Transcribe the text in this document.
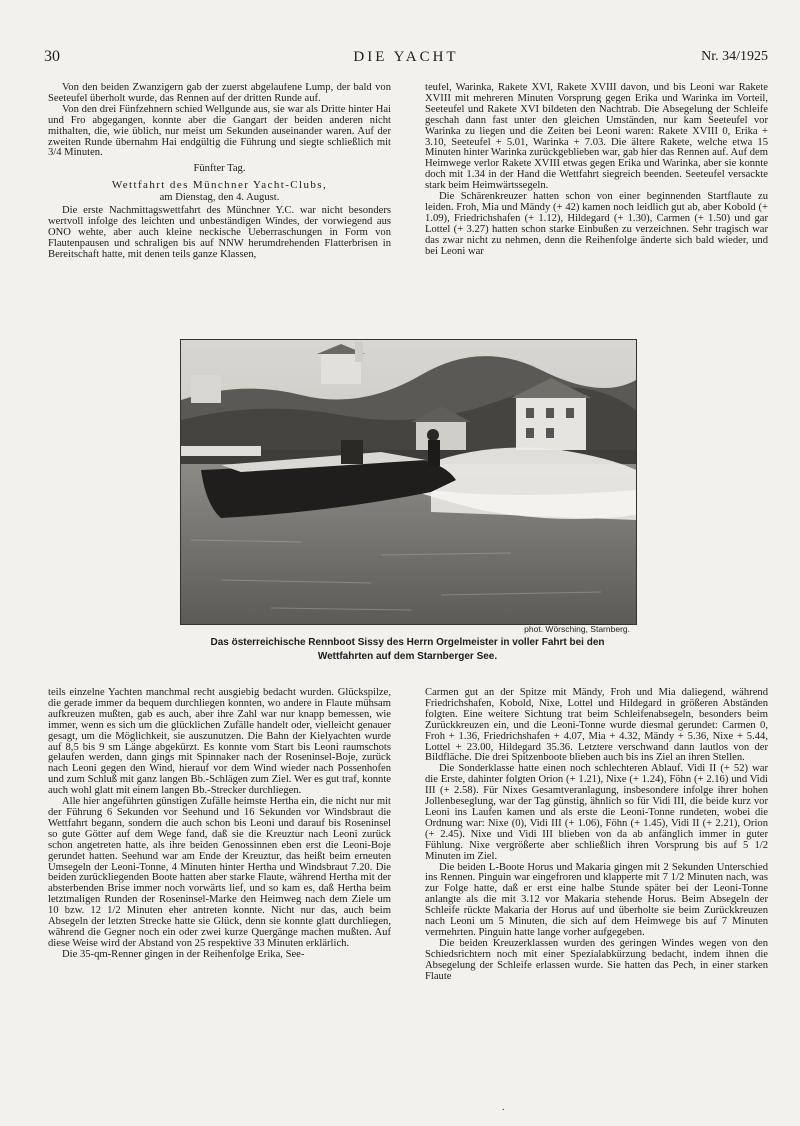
30	DIE YACHT	Nr. 34/1925

Von den beiden Zwanzigern gab der zuerst abgelaufene Lump, der bald von Seeteufel überholt wurde, das Rennen auf der dritten Runde auf.

Von den drei Fünfzehnern schied Wellgunde aus, sie war als Dritte hinter Hai und Fro abgegangen, konnte aber die Gangart der beiden anderen nicht mithalten, die, wie üblich, nur meist um Sekunden auseinander waren. Auf der zweiten Runde übernahm Hai endgültig die Führung und siegte schließlich mit 3/4 Minuten.

Fünfter Tag.

Wettfahrt des Münchner Yacht-Clubs,

am Dienstag, den 4. August.

Die erste Nachmittagswettfahrt des Münchner Y.C. war nicht besonders wertvoll infolge des leichten und unbeständigen Windes, der vorwiegend aus ONO wehte, aber auch kleine neckische Ueberraschungen in Form von Flautenpausen und schraligen bis auf NNW herumdrehenden Flatterbrisen in Bereitschaft hatte, mit denen teils ganze Klassen,

teufel, Warinka, Rakete XVI, Rakete XVIII davon, und bis Leoni war Rakete XVIII mit mehreren Minuten Vorsprung gegen Erika und Warinka im Vorteil, Seeteufel und Rakete XVI bildeten den Nachtrab. Die Absegelung der Schleife geschah dann fast unter den gleichen Umständen, nur kam Seeteufel vor Warinka zu liegen und die Zeiten bei Leoni waren: Rakete XVIII 0, Erika + 3.10, Seeteufel + 5.01, Warinka + 7.03. Die ältere Rakete, welche etwa 15 Minuten hinter Warinka zurückgeblieben war, gab hier das Rennen auf. Auf dem Heimwege verlor Rakete XVIII etwas gegen Erika und Warinka, aber sie konnte doch mit 1.34 in der Hand die Wettfahrt siegreich beenden. Seeteufel versackte stark beim Heimwärtssegeln.

Die Schärenkreuzer hatten schon von einer beginnenden Startflaute zu leiden. Froh, Mia und Mändy (+ 42) kamen noch leidlich gut ab, aber Kobold (+ 1.09), Friedrichshafen (+ 1.12), Hildegard (+ 1.30), Carmen (+ 1.50) und gar Lottel (+ 3.27) hatten schon starke Einbußen zu verzeichnen. Sehr tragisch war das zwar nicht zu nehmen, denn die Reihenfolge änderte sich bald wieder, und bei Leoni war

phot. Wörsching, Starnberg.
Das österreichische Rennboot Sissy des Herrn Orgelmeister in voller Fahrt bei den
Wettfahrten auf dem Starnberger See.

teils einzelne Yachten manchmal recht ausgiebig bedacht wurden. Glückspilze, die gerade immer da bequem durchliegen konnten, wo andere in Flaute mühsam aufkreuzen mußten, gab es auch, aber ihre Zahl war nur knapp bemessen, wie immer, wenn es sich um die glücklichen Zufälle handelt oder, vielleicht genauer gesagt, um die Möglichkeit, sie auszunutzen. Die Bahn der Kielyachten wurde auf 8,5 bis 9 sm Länge abgekürzt. Es konnte vom Start bis Leoni raumschots gelaufen werden, dann gings mit Spinnaker nach der Roseninsel-Boje, zurück nach Leoni gegen den Wind, hierauf vor dem Wind wieder nach Possenhofen und zum Schluß mit ganz langen Bb.-Schlägen zum Ziel. Wer es gut traf, konnte auch wohl glatt mit einem langen Bb.-Strecker durchliegen.

Alle hier angeführten günstigen Zufälle heimste Hertha ein, die nicht nur mit der Führung 6 Sekunden vor Seehund und 16 Sekunden vor Windsbraut die Wettfahrt begann, sondern die auch schon bis Leoni und darauf bis Roseninsel so gute Götter auf dem Wege fand, daß sie die Kreuztur nach Leoni zurück schon angetreten hatte, als ihre beiden Genossinnen eben erst die Leoni-Boje gerundet hatten. Seehund war am Ende der Kreuztur, das heißt beim erneuten Umsegeln der Leoni-Tonne, 4 Minuten hinter Hertha und Windsbraut 7.20. Die beiden zurückliegenden Boote hatten aber starke Flaute, während Hertha mit der absterbenden Brise immer noch vorwärts lief, und so kam es, daß Hertha beim letztmaligen Runden der Roseninsel-Marke den Heimweg nach dem Ziele um 10 bzw. 12 1/2 Minuten eher antreten konnte. Nicht nur das, auch beim Absegeln der letzten Strecke hatte sie Glück, denn sie konnte glatt durchliegen, während die Gegner noch ein oder zwei kurze Quergänge machen mußten. Auf diese Weise wird der Abstand von 25 respektive 33 Minuten erklärlich.

Die 35-qm-Renner gingen in der Reihenfolge Erika, See-

Carmen gut an der Spitze mit Mändy, Froh und Mia daliegend, während Friedrichshafen, Kobold, Nixe, Lottel und Hildegard in größeren Abständen folgten. Eine weitere Sichtung trat beim Schleifenabsegeln, besonders beim Zurückkreuzen ein, und die Leoni-Tonne wurde diesmal gerundet: Carmen 0, Froh + 1.36, Friedrichshafen + 4.07, Mia + 4.32, Mändy + 5.36, Nixe + 5.44, Lottel + 23.00, Hildegard 35.36. Letztere verschwand dann lautlos von der Bildfläche. Die drei Spitzenboote blieben auch bis ins Ziel an ihren Stellen.

Die Sonderklasse hatte einen noch schlechteren Ablauf. Vidi II (+ 52) war die Erste, dahinter folgten Orion (+ 1.21), Nixe (+ 1.24), Föhn (+ 2.16) und Vidi III (+ 2.58). Für Nixes Gesamtveranlagung, insbesondere infolge ihrer hohen Jollenbeseglung, war der Tag günstig, ähnlich so für Vidi III, die beide kurz vor Leoni ins Laufen kamen und als erste die Leoni-Tonne rundeten, wobei die Ordnung war: Nixe (0), Vidi III (+ 1.06), Föhn (+ 1.45), Vidi II (+ 2.21), Orion (+ 2.45). Nixe und Vidi III blieben von da ab anfänglich immer in guter Fühlung. Nixe vergrößerte aber schließlich ihren Vorsprung bis auf 5 1/2 Minuten im Ziel.

Die beiden L-Boote Horus und Makaria gingen mit 2 Sekunden Unterschied ins Rennen. Pinguin war eingefroren und klapperte mit 7 1/2 Minuten nach, was zur Folge hatte, daß er erst eine halbe Stunde später bei der Leoni-Tonne anlangte als die mit 3.12 vor Makaria stehende Horus. Beim Absegeln der Schleife rückte Makaria der Horus auf und überholte sie beim Zurückkreuzen nach Leoni um 5 Minuten, die sich auf dem Heimwege bis auf 7 Minuten vermehrten. Pinguin hatte lange vorher aufgegeben.

Die beiden Kreuzerklassen wurden des geringen Windes wegen von den Schiedsrichtern noch mit einer Spezialabkürzung bedacht, indem ihnen die Absegelung der Schleife erlassen wurde. Sie hatten das Pech, in einer starken Flaute

.
